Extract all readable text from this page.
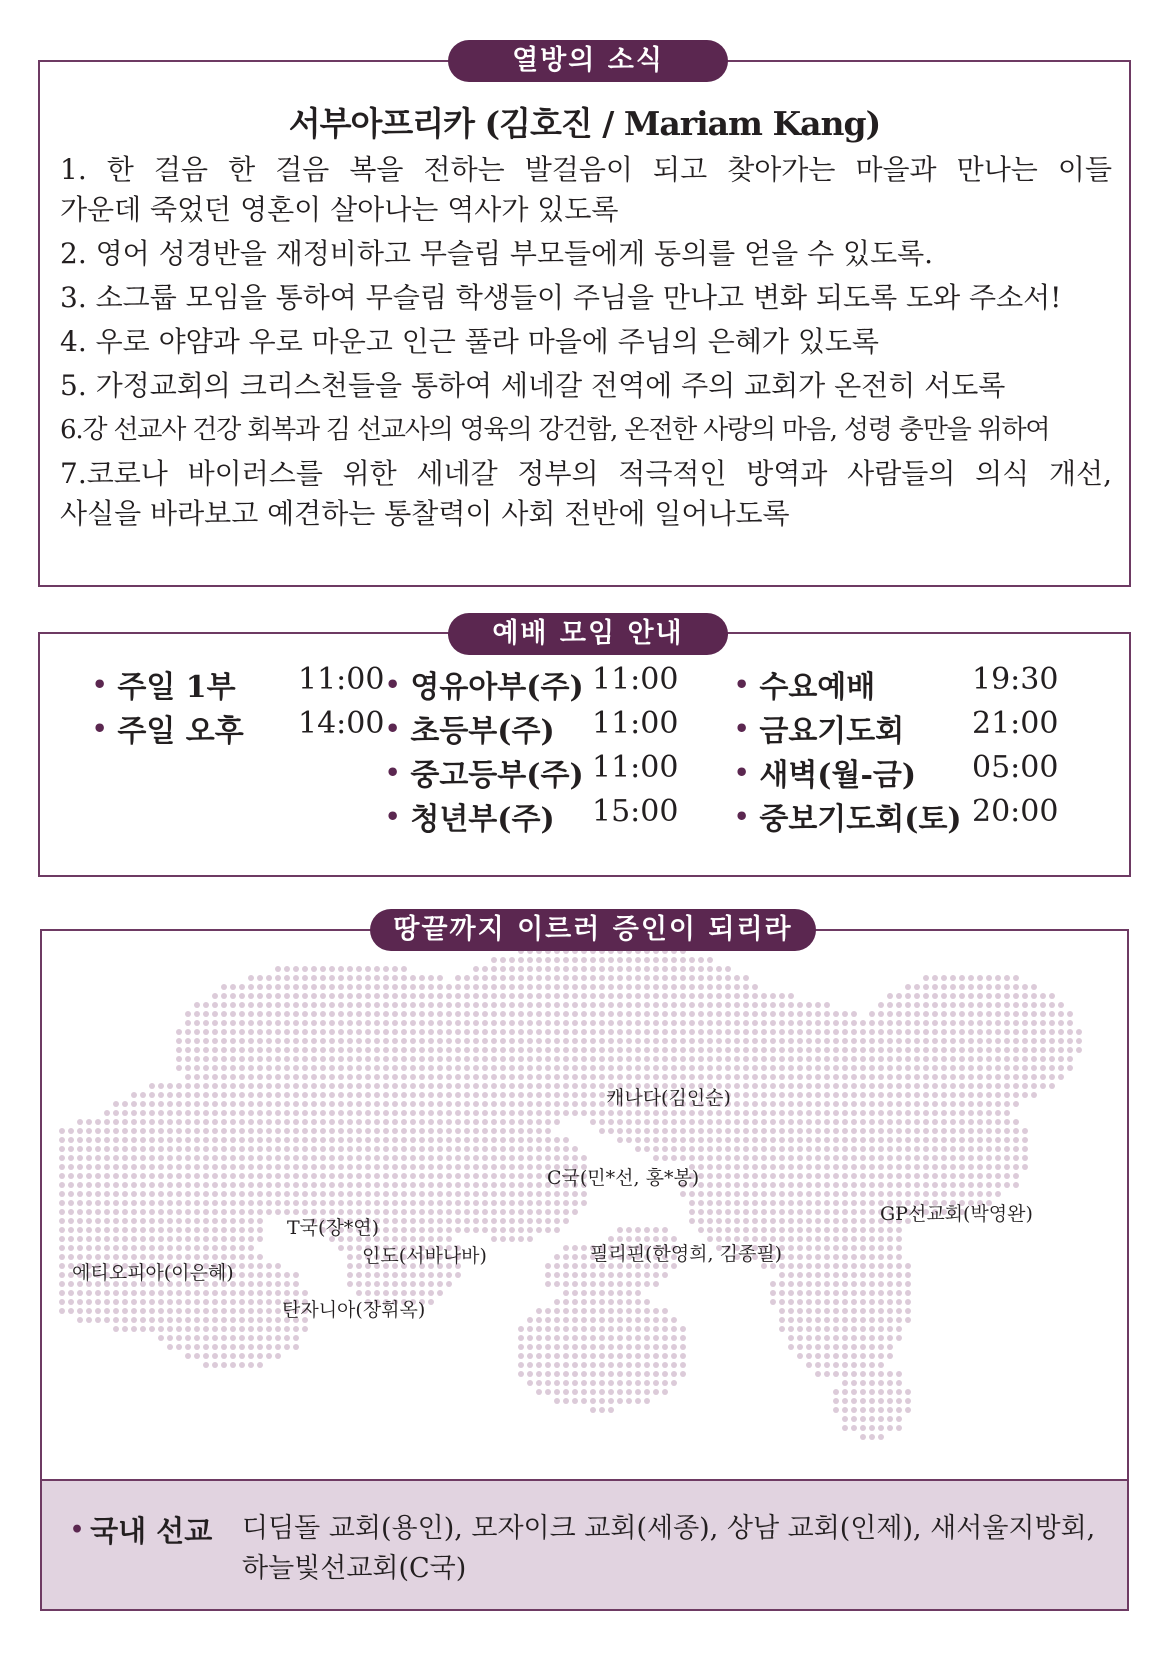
서부아프리카 (김호진 / Mariam Kang)
1. 한 걸음 한 걸음 복을 전하는 발걸음이 되고 찾아가는 마을과 만나는 이들
가운데 죽었던 영혼이 살아나는 역사가 있도록
2. 영어 성경반을 재정비하고 무슬림 부모들에게 동의를 얻을 수 있도록.
3. 소그룹 모임을 통하여 무슬림 학생들이 주님을 만나고 변화 되도록 도와 주소서!
4. 우로 야얌과 우로 마운고 인근 풀라 마을에 주님의 은혜가 있도록
5. 가정교회의 크리스천들을 통하여 세네갈 전역에 주의 교회가 온전히 서도록
6.강 선교사 건강 회복과 김 선교사의 영육의 강건함, 온전한 사랑의 마음, 성령 충만을 위하여
7.코로나 바이러스를 위한 세네갈 정부의 적극적인 방역과 사람들의 의식 개선,
사실을 바라보고 예견하는 통찰력이 사회 전반에 일어나도록
열방의 소식
• 주일 1부 11:00
• 주일 오후 14:00
• 영유아부(주) 11:00
• 초등부(주) 11:00
• 중고등부(주) 11:00
• 청년부(주) 15:00
• 수요예배	19:30
• 금요기도회 21:00
• 새벽(월-금) 05:00
• 중보기도회(토) 20:00
예배 모임 안내
캐나다(김인순)
C국(민*선, 홍*봉)
GP선교회(박영완)
T국(장*연)
인도(서바나바)	필리핀(한영희, 김종필)
에티오피아(이은혜)
탄자니아(장휘옥)
• 국내 선교 디딤돌 교회(용인), 모자이크 교회(세종), 상남 교회(인제), 새서울지방회, 하늘빛선교회(C국)
땅끝까지 이르러 증인이 되리라
